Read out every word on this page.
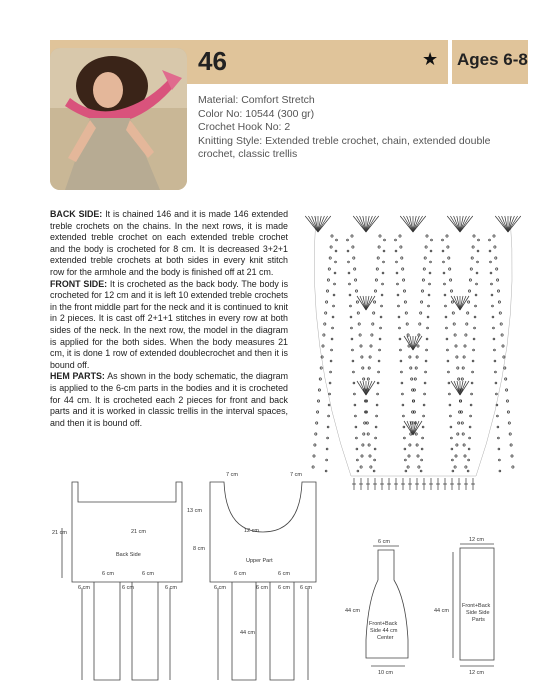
46	★ Ages 6-8
Material: Comfort Stretch
Color No: 10544 (300 gr)
Crochet Hook No: 2
Knitting Style: Extended treble crochet, chain, extended double crochet, classic trellis
BACK SIDE: It is chained 146 and it is made 146 extended treble crochets on the chains. In the next rows, it is made extended treble crochet on each extended treble crochet and the body is crocheted for 8 cm. It is decreased 3+2+1 extended treble crochets at both sides in every knit stitch row for the armhole and the body is finished off at 21 cm.
FRONT SIDE: It is crocheted as the back body. The body is crocheted for 12 cm and it is left 10 extended treble crochets in the front middle part for the neck and it is continued to knit in 2 pieces. It is cast off 2+1+1 stitches in every row at both sides of the neck. In the next row, the model in the diagram is applied for the both sides. When the body measures 21 cm, it is done 1 row of extended doublecrochet and then it is bound off.
HEM PARTS: As shown in the body schematic, the diagram is applied to the 6-cm parts in the bodies and it is crocheted for 44 cm. It is crocheted each 2 pieces for front and back parts and it is worked in classic trellis in the interval spaces, and then it is bound off.
21 cm	21 cm
Back Side
6 cm	6 cm
6 cm	6 cm	6 cm
7 cm	7 cm
13 cm
8 cm
12 cm
Upper Part
6 cm	6 cm
6 cm	6 cm 6 cm 6 cm
44 cm
6 cm
44 cm
Front+Back
Side 44 cm
Center
10 cm
12 cm
44 cm
Front+Back
Side Side
Parts
12 cm
